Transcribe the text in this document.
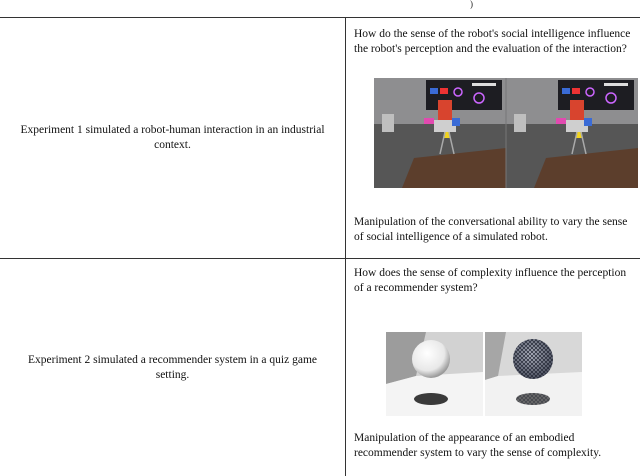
)
Experiment 1 simulated a robot-human interaction in an industrial context.
How do the sense of the robot's social intelligence influence the robot's perception and the evaluation of the interaction?
Manipulation of the conversational ability to vary the sense of social intelligence of a simulated robot.
Experiment 2 simulated a recommender system in a quiz game setting.
How does the sense of complexity influence the perception of a recommender system?
Manipulation of the appearance of an embodied recommender system to vary the sense of complexity.
